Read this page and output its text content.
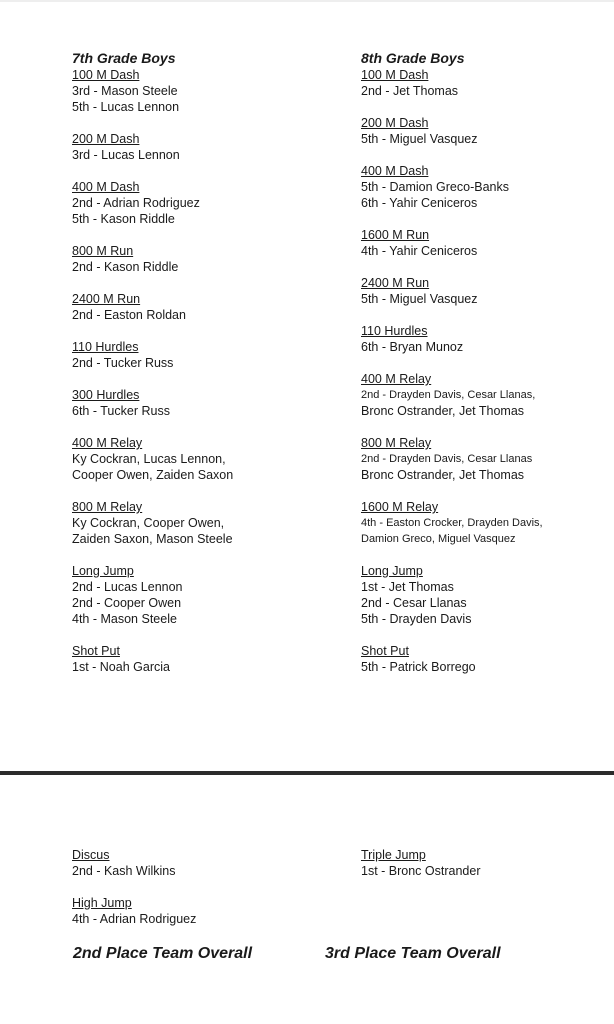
7th Grade Boys
100 M Dash
3rd - Mason Steele
5th - Lucas Lennon
200 M Dash
3rd - Lucas Lennon
400 M Dash
2nd - Adrian Rodriguez
5th - Kason Riddle
800 M Run
2nd - Kason Riddle
2400 M Run
2nd - Easton Roldan
110 Hurdles
2nd - Tucker Russ
300 Hurdles
6th - Tucker Russ
400 M Relay
Ky Cockran, Lucas Lennon,
Cooper Owen, Zaiden Saxon
800 M Relay
Ky Cockran, Cooper Owen,
Zaiden Saxon, Mason Steele
Long Jump
2nd - Lucas Lennon
2nd - Cooper Owen
4th - Mason Steele
Shot Put
1st - Noah Garcia
8th Grade Boys
100 M Dash
2nd - Jet Thomas
200 M Dash
5th - Miguel Vasquez
400 M Dash
5th - Damion Greco-Banks
6th - Yahir Ceniceros
1600 M Run
4th - Yahir Ceniceros
2400 M Run
5th - Miguel Vasquez
110 Hurdles
6th - Bryan Munoz
400 M Relay
2nd - Drayden Davis, Cesar Llanas,
Bronc Ostrander, Jet Thomas
800 M Relay
2nd - Drayden Davis, Cesar Llanas
Bronc Ostrander, Jet Thomas
1600 M Relay
4th - Easton Crocker, Drayden Davis,
Damion Greco, Miguel Vasquez
Long Jump
1st - Jet Thomas
2nd - Cesar Llanas
5th - Drayden Davis
Shot Put
5th - Patrick Borrego
Discus
2nd - Kash Wilkins
High Jump
4th - Adrian Rodriguez
Triple Jump
1st - Bronc Ostrander
2nd Place Team Overall	3rd Place Team Overall
